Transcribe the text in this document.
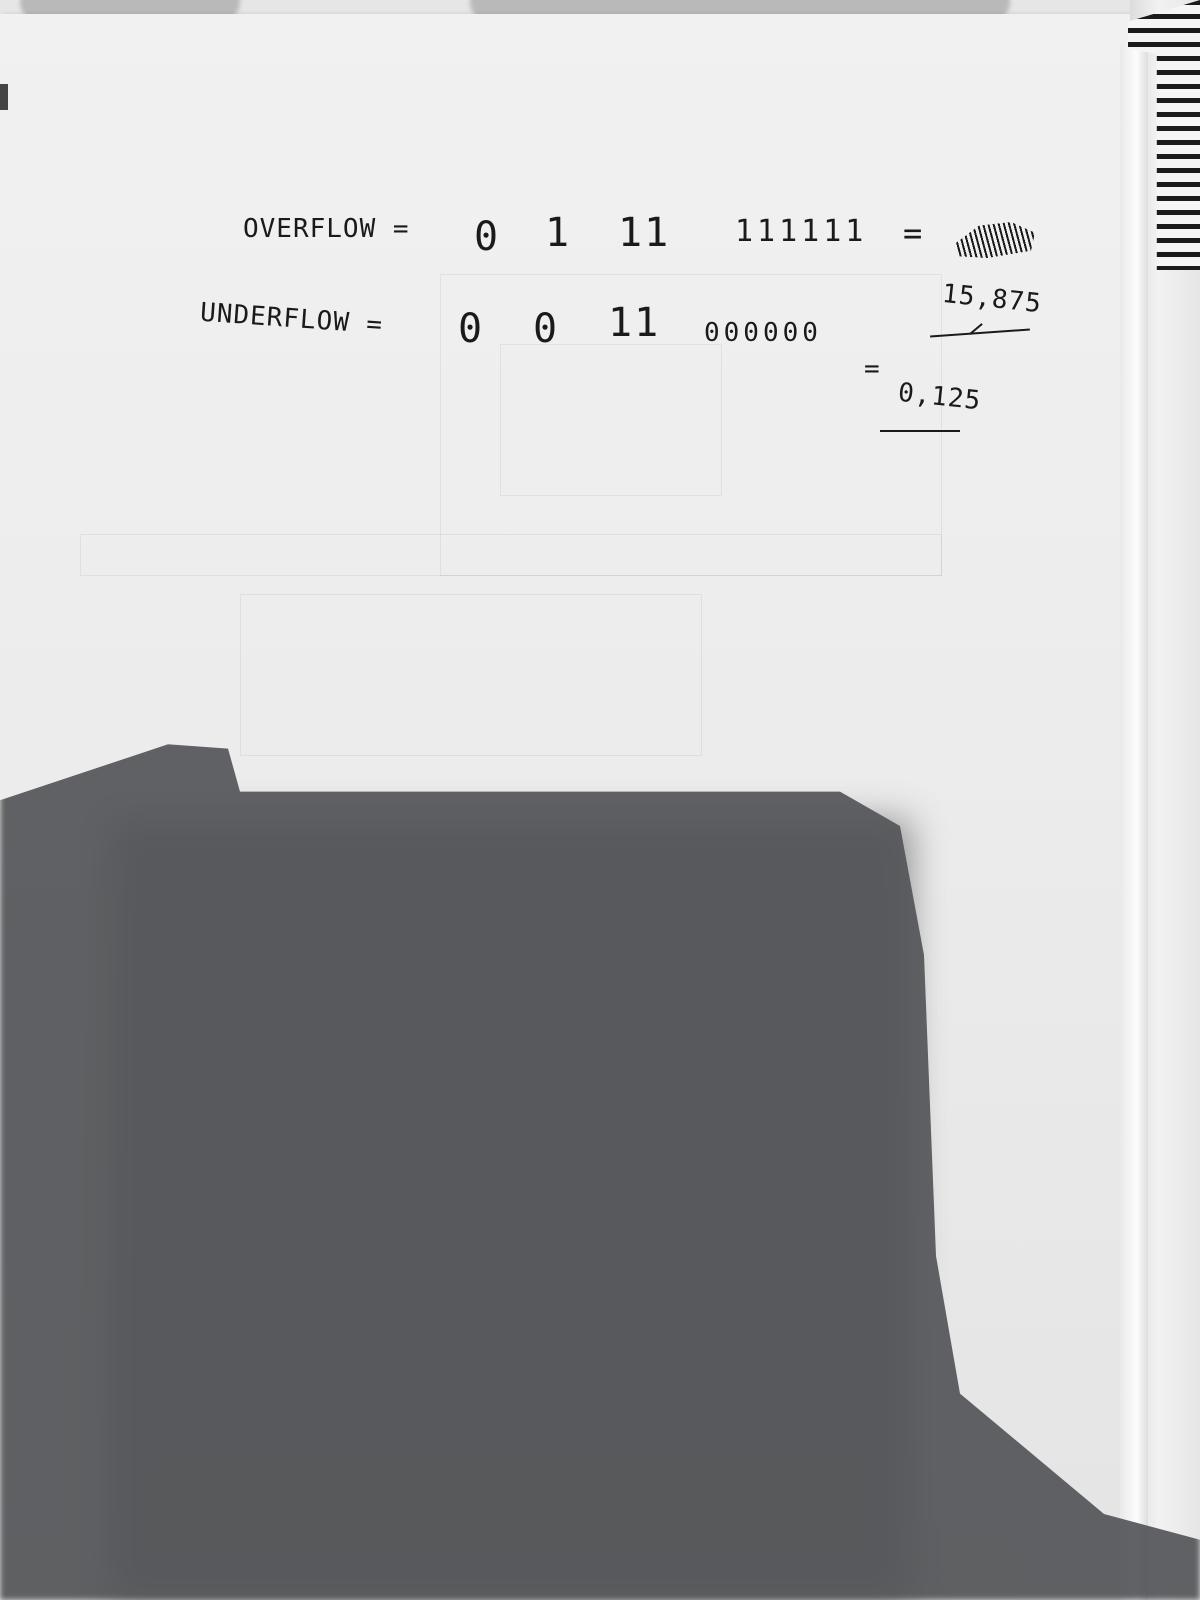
OVERFLOW = 0 1 11 111111 =
UNDERFLOW = 0 0 11 000000
15,875
=
0,125
